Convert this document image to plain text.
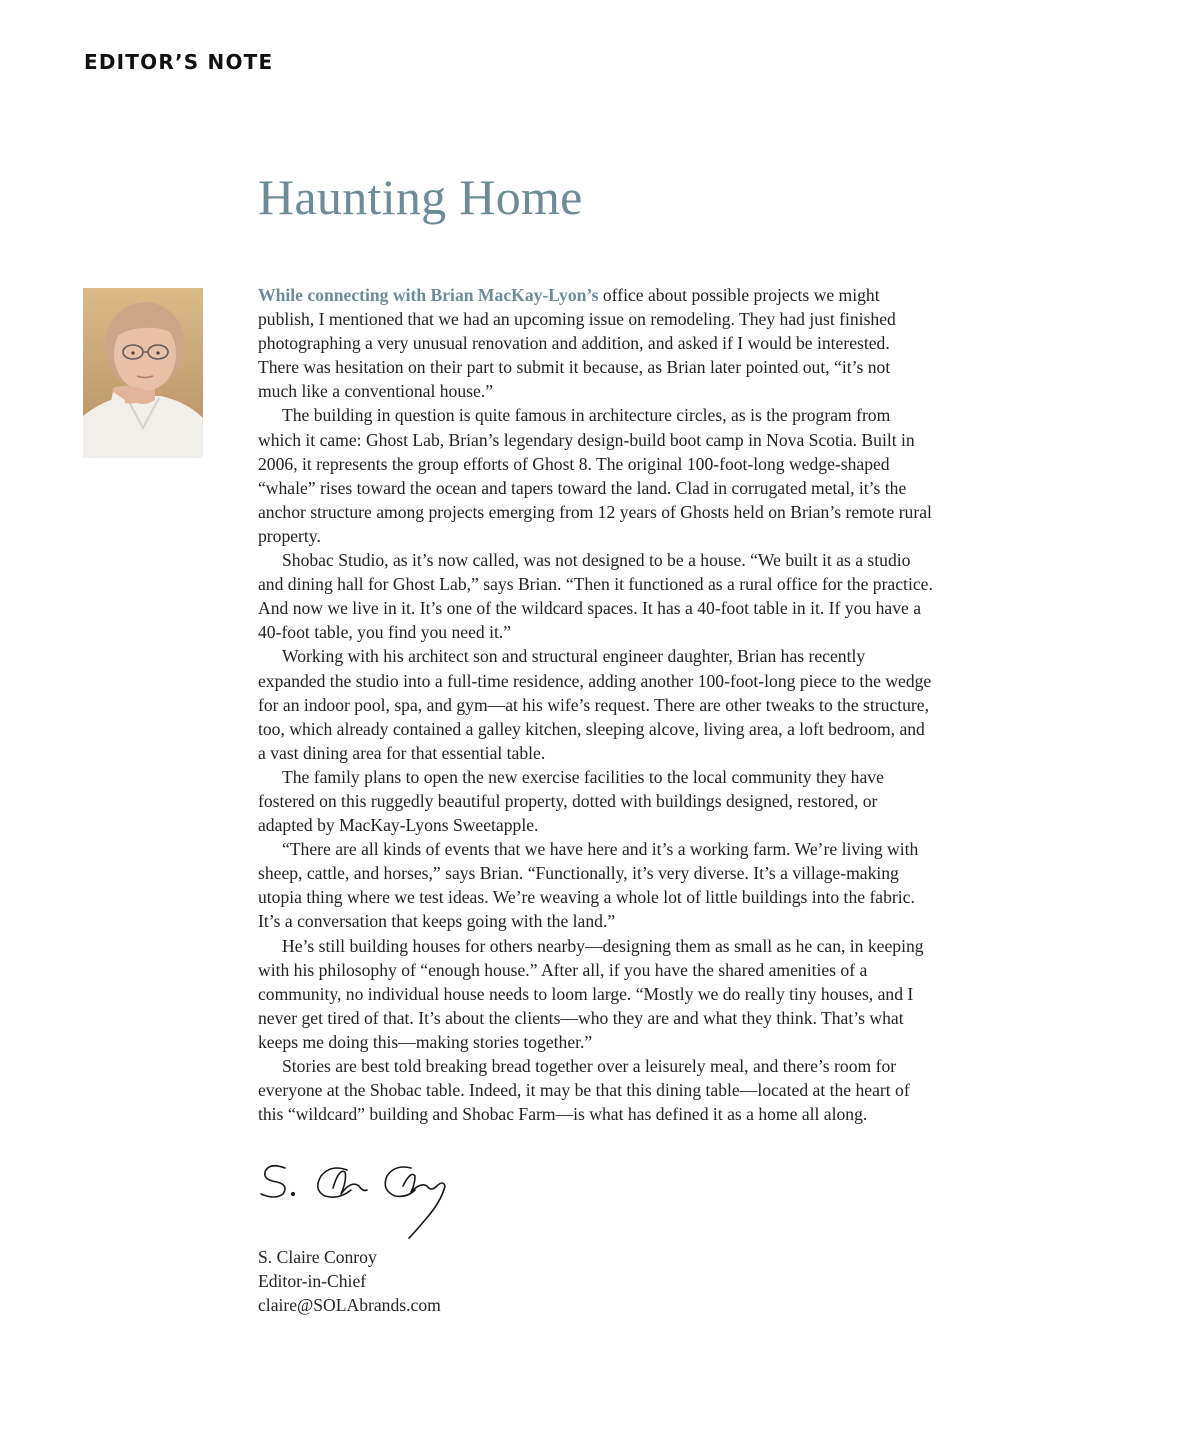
EDITOR’S NOTE
Haunting Home

While connecting with Brian MacKay-Lyon’s office about possible projects we might publish, I mentioned that we had an upcoming issue on remodeling. They had just finished photographing a very unusual renovation and addition, and asked if I would be interested. There was hesitation on their part to submit it because, as Brian later pointed out, “it’s not much like a conventional house.”

The building in question is quite famous in architecture circles, as is the program from which it came: Ghost Lab, Brian’s legendary design-build boot camp in Nova Scotia. Built in 2006, it represents the group efforts of Ghost 8. The original 100-foot-long wedge-shaped “whale” rises toward the ocean and tapers toward the land. Clad in corrugated metal, it’s the anchor structure among projects emerging from 12 years of Ghosts held on Brian’s remote rural property.

Shobac Studio, as it’s now called, was not designed to be a house. “We built it as a studio and dining hall for Ghost Lab,” says Brian. “Then it functioned as a rural office for the practice. And now we live in it. It’s one of the wildcard spaces. It has a 40-foot table in it. If you have a 40-foot table, you find you need it.”

Working with his architect son and structural engineer daughter, Brian has recently expanded the studio into a full-time residence, adding another 100-foot-long piece to the wedge for an indoor pool, spa, and gym—at his wife’s request. There are other tweaks to the structure, too, which already contained a galley kitchen, sleeping alcove, living area, a loft bedroom, and a vast dining area for that essential table.

The family plans to open the new exercise facilities to the local community they have fostered on this ruggedly beautiful property, dotted with buildings designed, restored, or adapted by MacKay-Lyons Sweetapple.

“There are all kinds of events that we have here and it’s a working farm. We’re living with sheep, cattle, and horses,” says Brian. “Functionally, it’s very diverse. It’s a village-making utopia thing where we test ideas. We’re weaving a whole lot of little buildings into the fabric. It’s a conversation that keeps going with the land.”

He’s still building houses for others nearby—designing them as small as he can, in keeping with his philosophy of “enough house.” After all, if you have the shared amenities of a community, no individual house needs to loom large. “Mostly we do really tiny houses, and I never get tired of that. It’s about the clients—who they are and what they think. That’s what keeps me doing this—making stories together.”

Stories are best told breaking bread together over a leisurely meal, and there’s room for everyone at the Shobac table. Indeed, it may be that this dining table—located at the heart of this “wildcard” building and Shobac Farm—is what has defined it as a home all along.

S. Claire Conroy
Editor-in-Chief
claire@SOLAbrands.com
